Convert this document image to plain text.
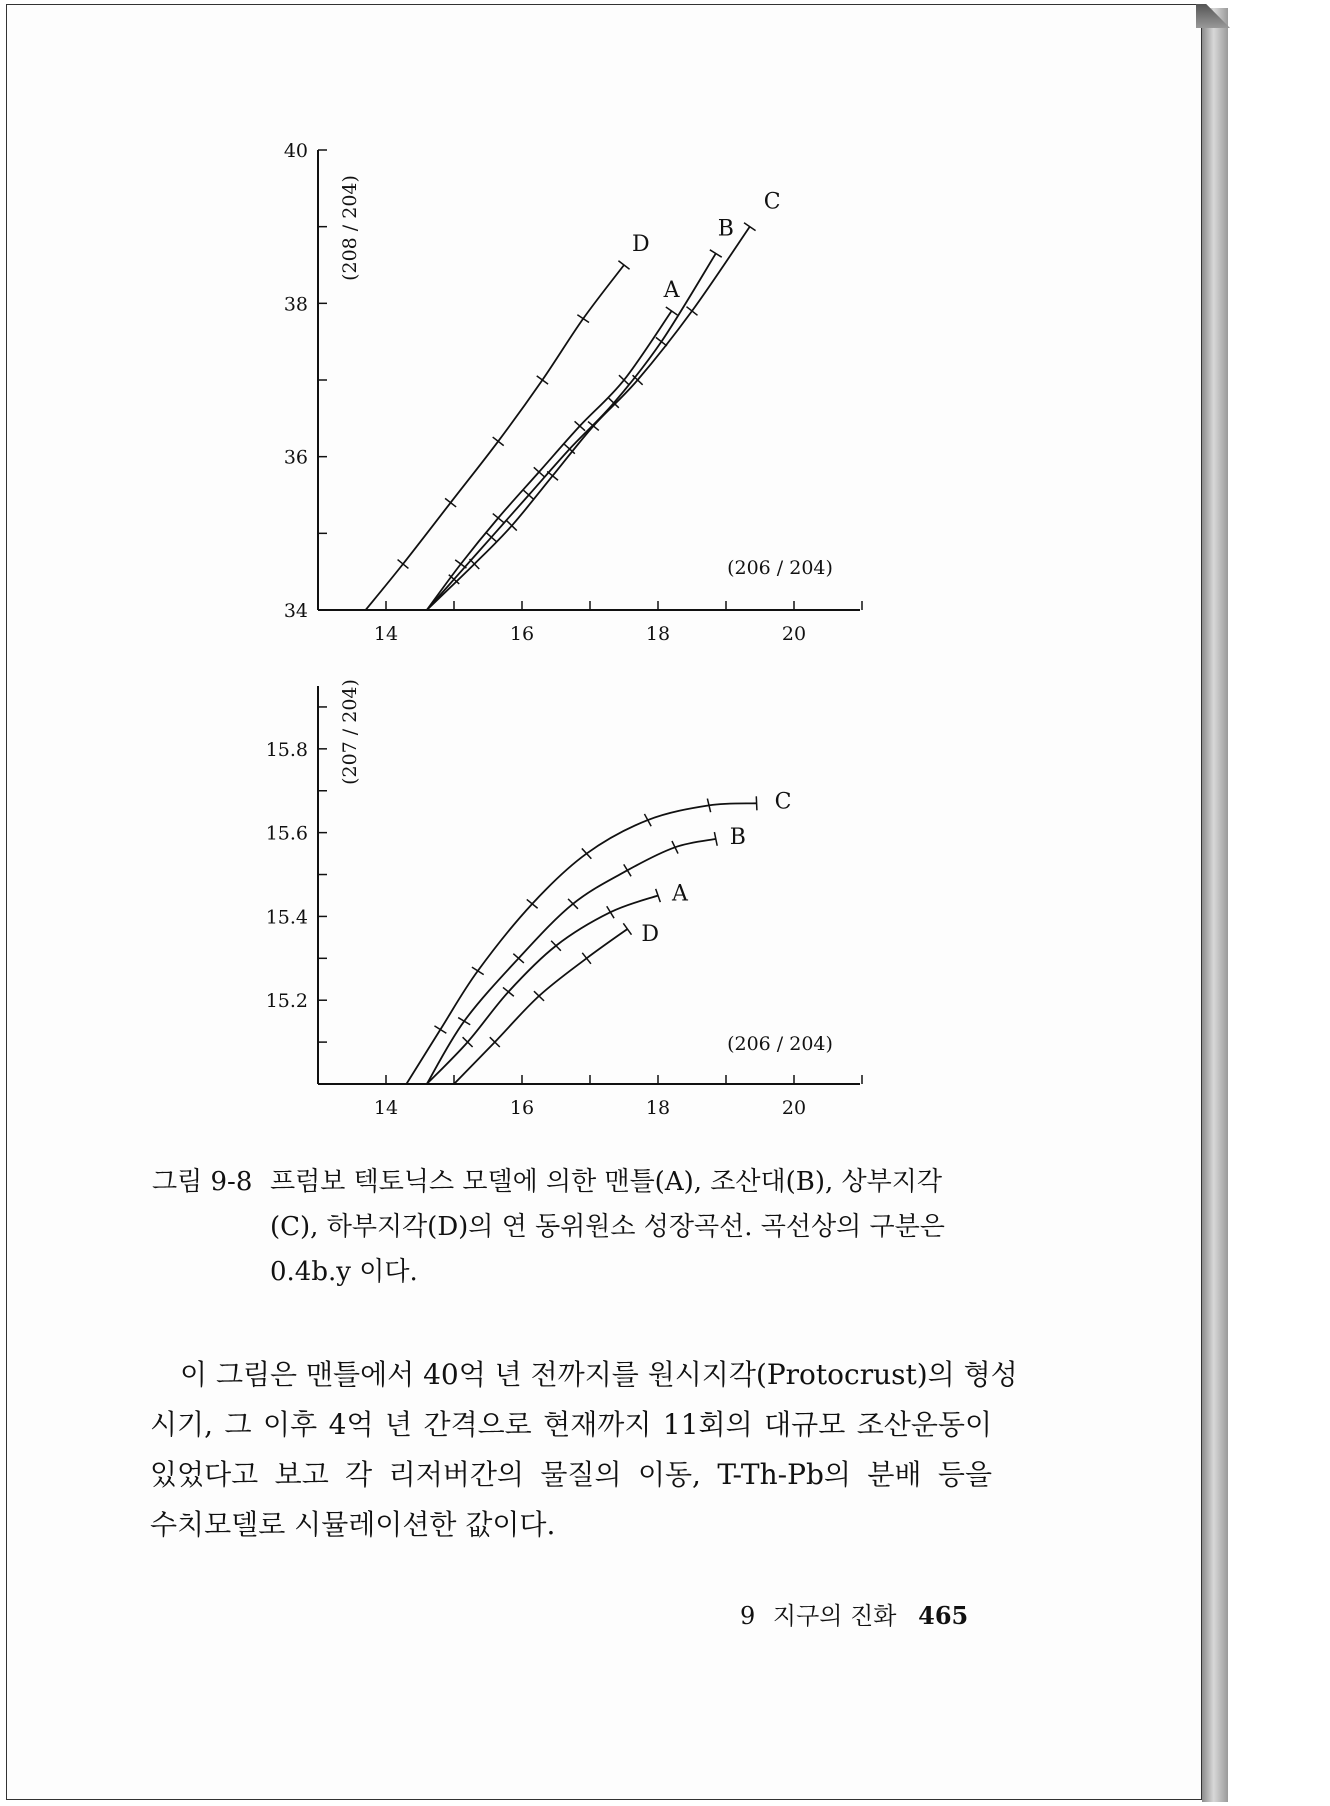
14	16	18	20
34
36
38
40
(206 / 204)
(208 / 204)	D
A
B
C
14	16	18	20
15.2
15.4
15.6
15.8
(206 / 204)
(207 / 204)
C
B
A
D
그림 9-8 프럼보 텍토닉스 모델에 의한 맨틀(A), 조산대(B), 상부지각
(C), 하부지각(D)의 연 동위원소 성장곡선. 곡선상의 구분은
0.4b.y 이다.
이 그림은 맨틀에서 40억 년 전까지를 원시지각(Protocrust)의 형성
시기, 그 이후 4억 년 간격으로 현재까지 11회의 대규모 조산운동이
있었다고 보고 각 리저버간의 물질의 이동, T-Th-Pb의 분배 등을
수치모델로 시뮬레이션한 값이다.
9 지구의 진화 465
